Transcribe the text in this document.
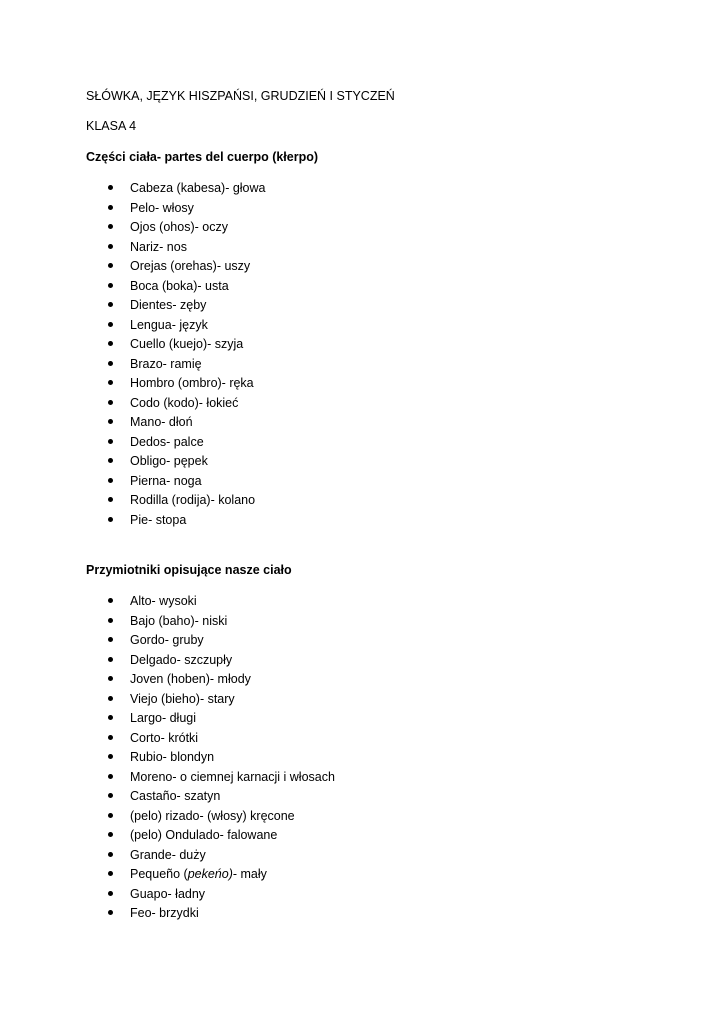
SŁÓWKA, JĘZYK HISZPAŃSI, GRUDZIEŃ I STYCZEŃ
KLASA 4
Części ciała- partes del cuerpo (kłerpo)
Cabeza (kabesa)- głowa
Pelo- włosy
Ojos (ohos)- oczy
Nariz- nos
Orejas (orehas)- uszy
Boca (boka)- usta
Dientes- zęby
Lengua- język
Cuello (kuejo)- szyja
Brazo- ramię
Hombro (ombro)- ręka
Codo (kodo)- łokieć
Mano- dłoń
Dedos- palce
Obligo- pępek
Pierna- noga
Rodilla (rodija)- kolano
Pie- stopa
Przymiotniki opisujące nasze ciało
Alto- wysoki
Bajo (baho)- niski
Gordo- gruby
Delgado- szczupły
Joven (hoben)- młody
Viejo (bieho)- stary
Largo- długi
Corto- krótki
Rubio- blondyn
Moreno- o ciemnej karnacji i włosach
Castaño- szatyn
(pelo) rizado- (włosy) kręcone
(pelo) Ondulado- falowane
Grande- duży
Pequeño (pekeńo)- mały
Guapo- ładny
Feo- brzydki
